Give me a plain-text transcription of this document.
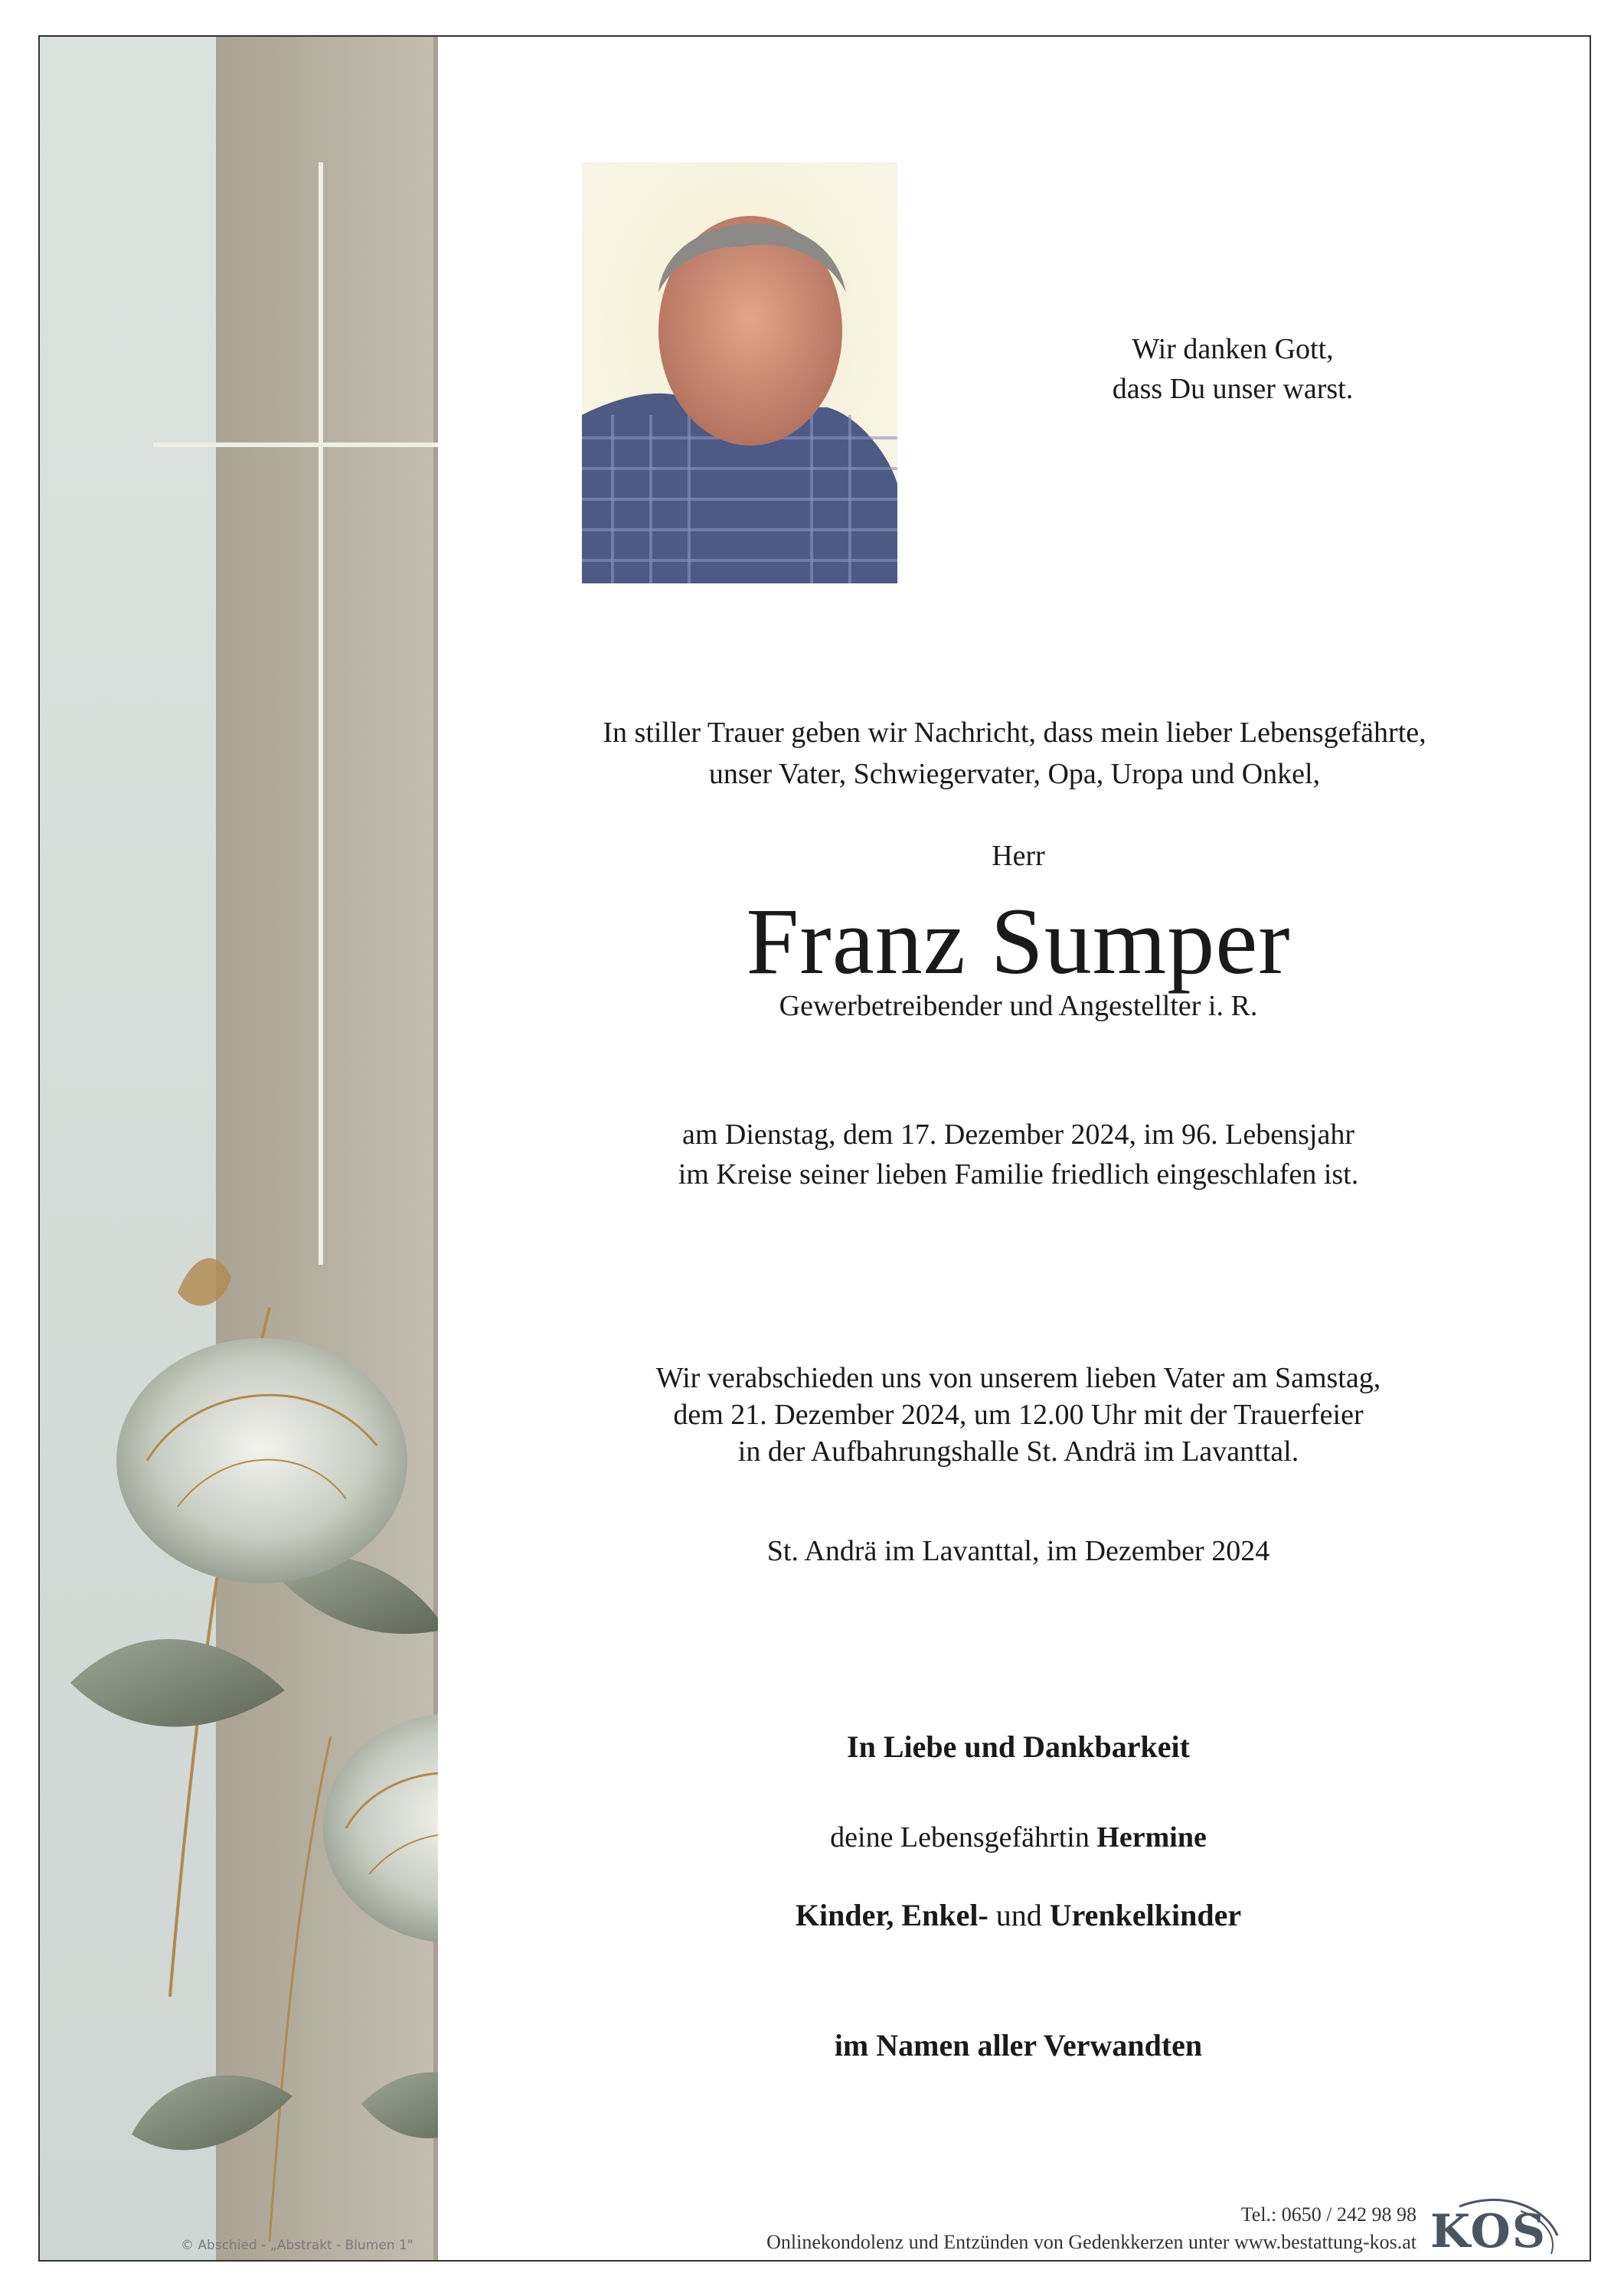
Wir danken Gott,
dass Du unser warst.
In stiller Trauer geben wir Nachricht, dass mein lieber Lebensgefährte,
unser Vater, Schwiegervater, Opa, Uropa und Onkel,
Herr
Franz Sumper
Gewerbetreibender und Angestellter i. R.
am Dienstag, dem 17. Dezember 2024, im 96. Lebensjahr
im Kreise seiner lieben Familie friedlich eingeschlafen ist.
Wir verabschieden uns von unserem lieben Vater am Samstag,
dem 21. Dezember 2024, um 12.00 Uhr mit der Trauerfeier
in der Aufbahrungshalle St. Andrä im Lavanttal.
St. Andrä im Lavanttal, im Dezember 2024
In Liebe und Dankbarkeit
deine Lebensgefährtin Hermine
Kinder, Enkel- und Urenkelkinder
im Namen aller Verwandten
© Abschied - „Abstrakt - Blumen 1"
Tel.: 0650 / 242 98 98
Onlinekondolenz und Entzünden von Gedenkkerzen unter www.bestattung-kos.at KOS
